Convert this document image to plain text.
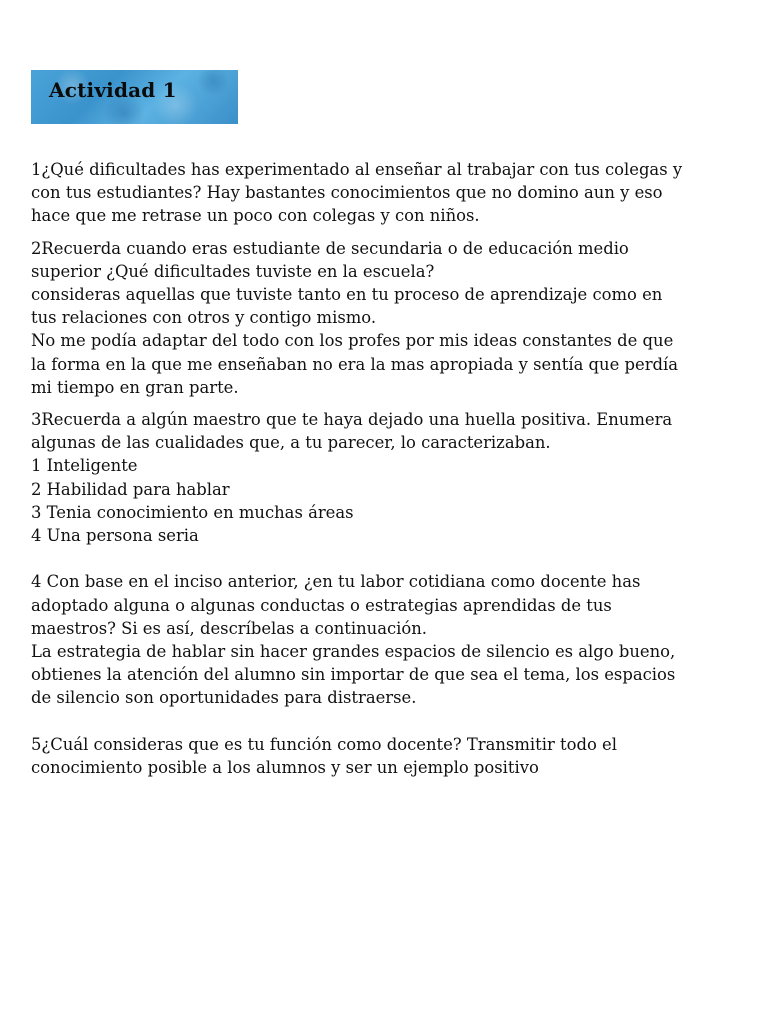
Actividad 1
1¿Qué dificultades has experimentado al enseñar al trabajar con tus colegas y
con tus estudiantes? Hay bastantes conocimientos que no domino aun y eso
hace que me retrase un poco con colegas y con niños.
2Recuerda cuando eras estudiante de secundaria o de educación medio
superior ¿Qué dificultades tuviste en la escuela?
consideras aquellas que tuviste tanto en tu proceso de aprendizaje como en
tus relaciones con otros y contigo mismo.
No me podía adaptar del todo con los profes por mis ideas constantes de que
la forma en la que me enseñaban no era la mas apropiada y sentía que perdía
mi tiempo en gran parte.
3Recuerda a algún maestro que te haya dejado una huella positiva. Enumera
algunas de las cualidades que, a tu parecer, lo caracterizaban.
1 Inteligente
2 Habilidad para hablar
3 Tenia conocimiento en muchas áreas
4 Una persona seria
4 Con base en el inciso anterior, ¿en tu labor cotidiana como docente has
adoptado alguna o algunas conductas o estrategias aprendidas de tus
maestros? Si es así, descríbelas a continuación.
La estrategia de hablar sin hacer grandes espacios de silencio es algo bueno,
obtienes la atención del alumno sin importar de que sea el tema, los espacios
de silencio son oportunidades para distraerse.
5¿Cuál consideras que es tu función como docente? Transmitir todo el
conocimiento posible a los alumnos y ser un ejemplo positivo
